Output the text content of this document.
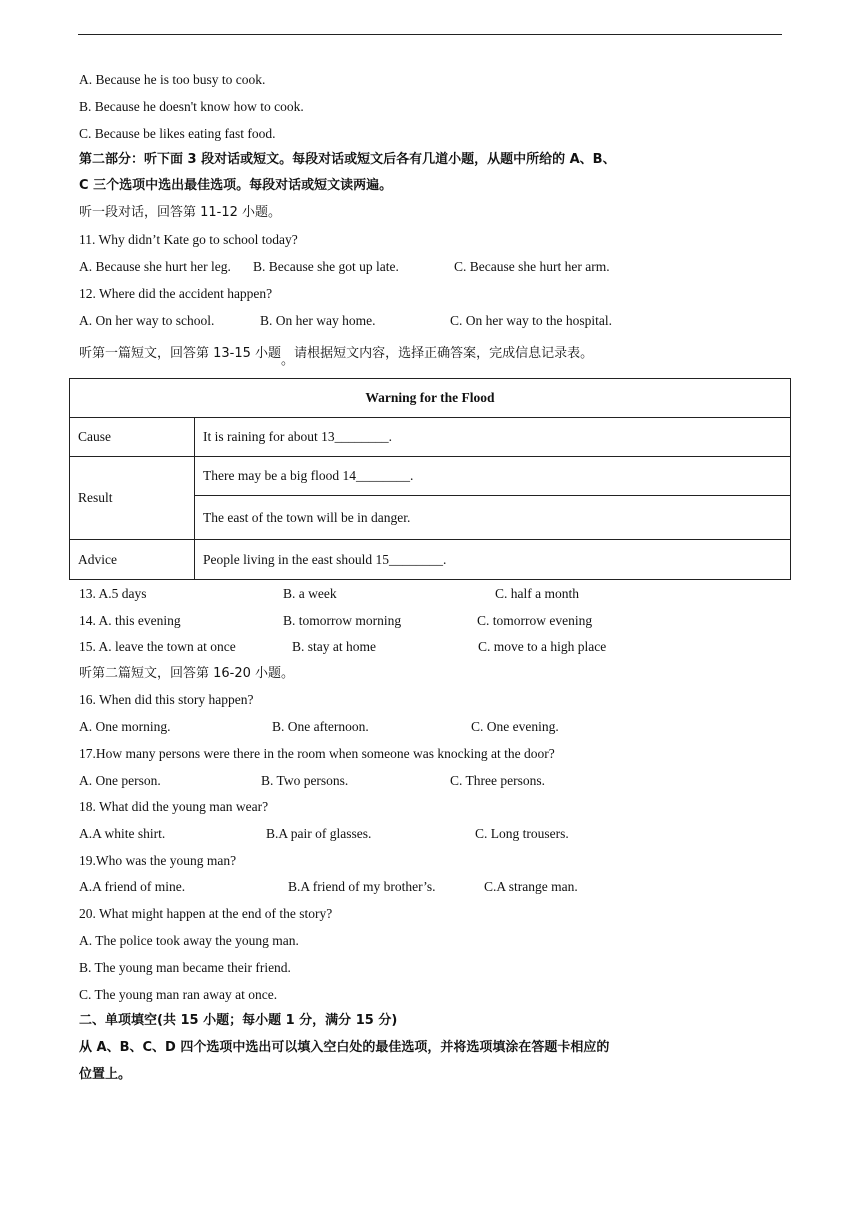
A. Because he is too busy to cook.
B. Because he doesn't know how to cook.
C. Because be likes eating fast food.
第二部分：听下面 3 段对话或短文。每段对话或短文后各有几道小题，从题中所给的 A、B、
C 三个选项中选出最佳选项。每段对话或短文读两遍。
听一段对话，回答第 11-12 小题。
11. Why didn’t Kate go to school today?
A. Because she hurt her leg. B. Because she got up late.	C. Because she hurt her arm.
12. Where did the accident happen?
A. On her way to school.	B. On her way home.	C. On her way to the hospital.
听第一篇短文，回答第 13-15 小题。请根据短文内容，选择正确答案，完成信息记录表。
Warning for the Flood	
Cause	It is raining for about 13________.
Result	There may be a big flood 14________.
	The east of the town will be in danger.
Advice	People living in the east should 15________.
13. A.5 days	B. a week	C. half a month
14. A. this evening	B. tomorrow morning	C. tomorrow evening
15. A. leave the town at once	B. stay at home	C. move to a high place
听第二篇短文，回答第 16-20 小题。
16. When did this story happen?
A. One morning.	B. One afternoon.	C. One evening.
17.How many persons were there in the room when someone was knocking at the door?
A. One person.	B. Two persons.	C. Three persons.
18. What did the young man wear?
A.A white shirt.	B.A pair of glasses.	C. Long trousers.
19.Who was the young man?
A.A friend of mine.	B.A friend of my brother’s.	C.A strange man.
20. What might happen at the end of the story?
A. The police took away the young man.
B. The young man became their friend.
C. The young man ran away at once.
二、单项填空(共 15 小题；每小题 1 分，满分 15 分)
从 A、B、C、D 四个选项中选出可以填入空白处的最佳选项，并将选项填涂在答题卡相应的
位置上。
